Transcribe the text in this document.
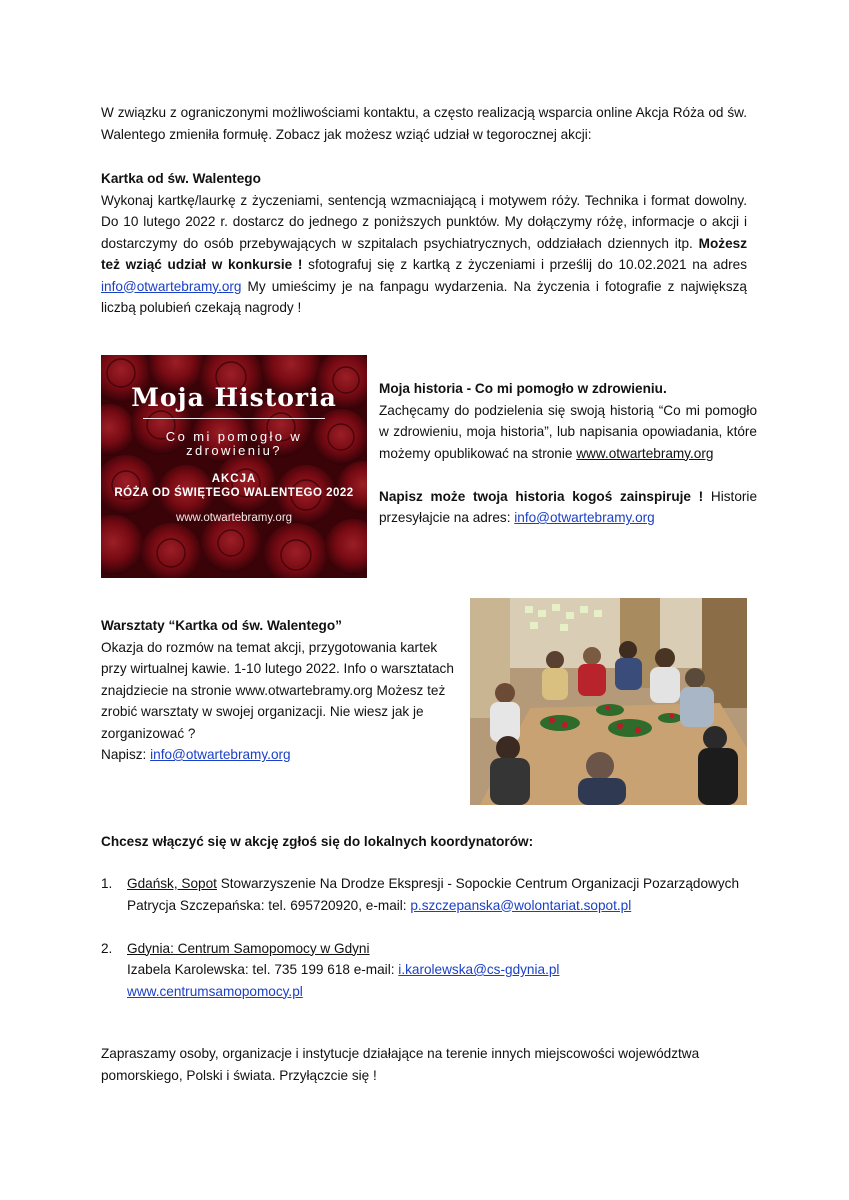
W związku z ograniczonymi możliwościami kontaktu, a często realizacją wsparcia online Akcja Róża od św. Walentego zmieniła formułę. Zobacz jak możesz wziąć udział w tegorocznej akcji:

Kartka od św. Walentego

Wykonaj kartkę/laurkę z życzeniami, sentencją wzmacniającą i motywem róży. Technika i format dowolny. Do 10 lutego 2022 r. dostarcz do jednego z poniższych punktów. My dołączymy różę, informacje o akcji i dostarczymy do osób przebywających w szpitalach psychiatrycznych, oddziałach dziennych itp. Możesz też wziąć udział w konkursie ! sfotografuj się z kartką z życzeniami i prześlij do 10.02.2021 na adres info@otwartebramy.org My umieścimy je na fanpagu wydarzenia. Na życzenia i fotografie z największą liczbą polubień czekają nagrody !

Moja Historia
Co mi pomogło w
zdrowieniu?
AKCJA
RÓŻA OD ŚWIĘTEGO WALENTEGO 2022
www.otwartebramy.org

Moja historia - Co mi pomogło w zdrowieniu.

Zachęcamy do podzielenia się swoją historią “Co mi pomogło w zdrowieniu, moja historia”, lub napisania opowiadania, które możemy opublikować na stronie www.otwartebramy.org

Napisz może twoja historia kogoś zainspiruje ! Historie przesyłajcie na adres: info@otwartebramy.org

Warsztaty “Kartka od św. Walentego”

Okazja do rozmów na temat akcji, przygotowania kartek przy wirtualnej kawie. 1-10 lutego 2022. Info o warsztatach znajdziecie na stronie www.otwartebramy.org Możesz też zrobić warsztaty w swojej organizacji. Nie wiesz jak je zorganizować ?

Napisz: info@otwartebramy.org

Chcesz włączyć się w akcję zgłoś się do lokalnych koordynatorów:
1. Gdańsk, Sopot Stowarzyszenie Na Drodze Ekspresji - Sopockie Centrum Organizacji Pozarządowych

Patrycja Szczepańska: tel. 695720920, e-mail: p.szczepanska@wolontariat.sopot.pl

2. Gdynia: Centrum Samopomocy w Gdyni

Izabela Karolewska: tel. 735 199 618 e-mail: i.karolewska@cs-gdynia.pl

www.centrumsamopomocy.pl

Zapraszamy osoby, organizacje i instytucje działające na terenie innych miejscowości województwa pomorskiego, Polski i świata. Przyłączcie się !
